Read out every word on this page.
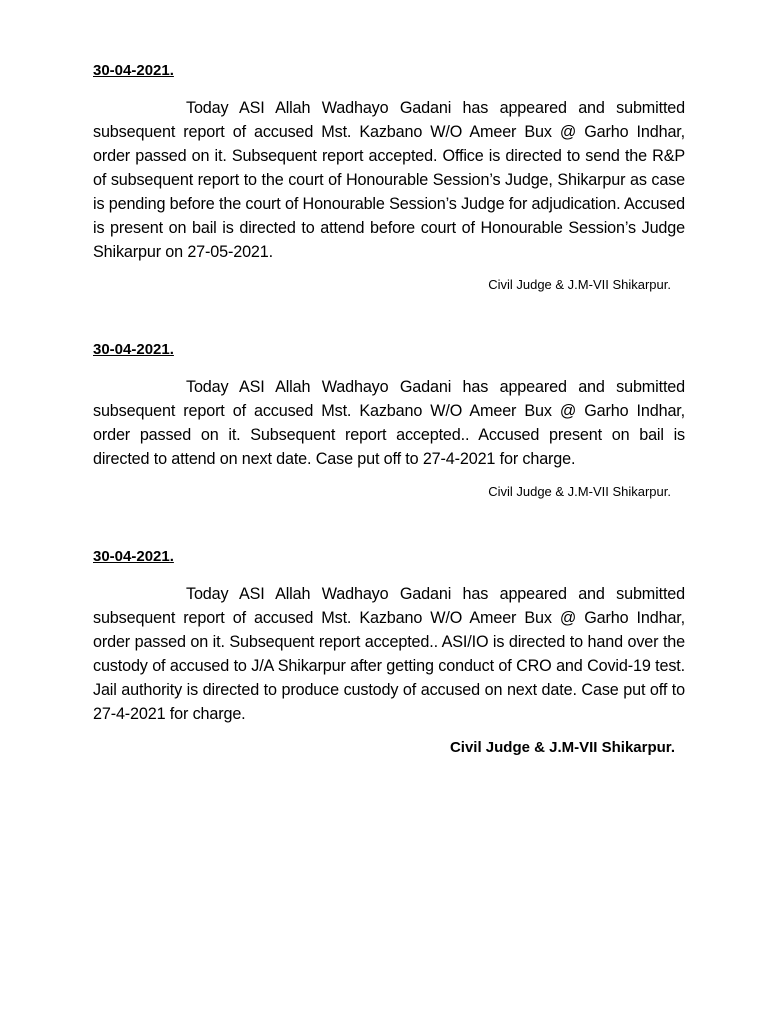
30-04-2021.

Today ASI Allah Wadhayo Gadani has appeared and submitted subsequent report of accused Mst. Kazbano W/O Ameer Bux @ Garho Indhar, order passed on it. Subsequent report accepted. Office is directed to send the R&P of subsequent report to the court of Honourable Session’s Judge, Shikarpur as case is pending before the court of Honourable Session’s Judge for adjudication. Accused is present on bail is directed to attend before court of Honourable Session’s Judge Shikarpur on 27-05-2021.

Civil Judge & J.M-VII Shikarpur.

30-04-2021.

Today ASI Allah Wadhayo Gadani has appeared and submitted subsequent report of accused Mst. Kazbano W/O Ameer Bux @ Garho Indhar, order passed on it. Subsequent report accepted.. Accused present on bail is directed to attend on next date. Case put off to 27-4-2021 for charge.

Civil Judge & J.M-VII Shikarpur.

30-04-2021.

Today ASI Allah Wadhayo Gadani has appeared and submitted subsequent report of accused Mst. Kazbano W/O Ameer Bux @ Garho Indhar, order passed on it. Subsequent report accepted.. ASI/IO is directed to hand over the custody of accused to J/A Shikarpur after getting conduct of CRO and Covid-19 test. Jail authority is directed to produce custody of accused on next date. Case put off to 27-4-2021 for charge.

Civil Judge & J.M-VII Shikarpur.
